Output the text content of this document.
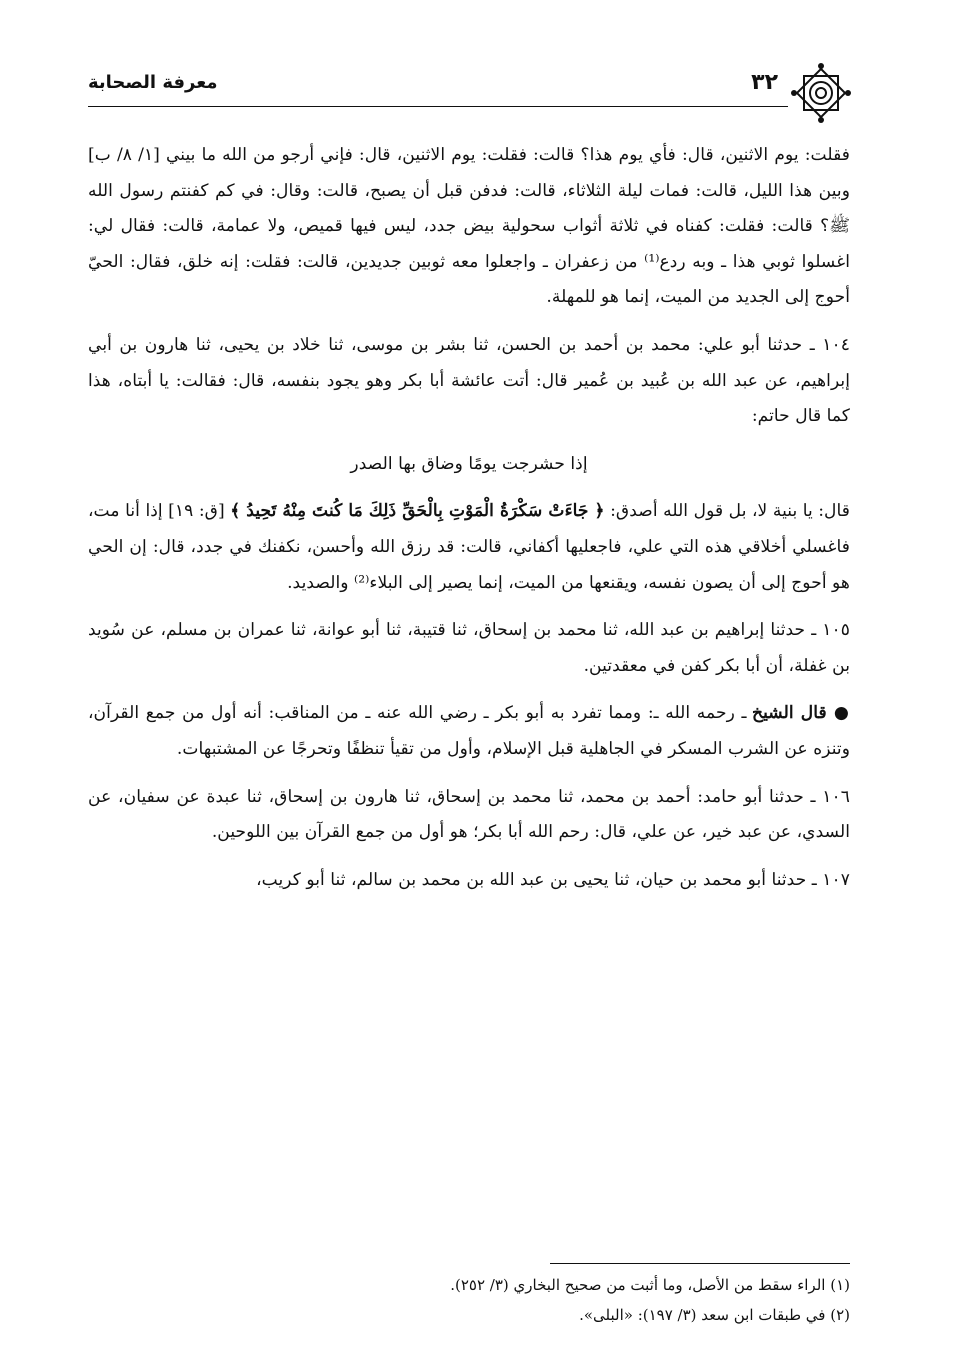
٣٢
معرفة الصحابة

فقلت: يوم الاثنين، قال: فأي يوم هذا؟ قالت: فقلت: يوم الاثنين، قال: فإني أرجو من الله ما بيني [١/ ٨/ ب] وبين هذا الليل، قالت: فمات ليلة الثلاثاء، قالت: فدفن قبل أن يصبح، قالت: وقال: في كم كفنتم رسول الله ﷺ؟ قالت: فقلت: كفناه في ثلاثة أثواب سحولية بيض جدد، ليس فيها قميص، ولا عمامة، قالت: فقال لي: اغسلوا ثوبي هذا ـ وبه ردع⁽¹⁾ من زعفران ـ واجعلوا معه ثوبين جديدين، قالت: فقلت: إنه خلق، فقال: الحيّ أحوج إلى الجديد من الميت، إنما هو للمهلة.

١٠٤ ـ حدثنا أبو علي: محمد بن أحمد بن الحسن، ثنا بشر بن موسى، ثنا خلاد بن يحيى، ثنا هارون بن أبي إبراهيم، عن عبد الله بن عُبيد بن عُمير قال: أتت عائشة أبا بكر وهو يجود بنفسه، قال: فقالت: يا أبتاه، هذا كما قال حاتم:

إذا حشرجت يومًا وضاق بها الصدر

قال: يا بنية لا، بل قول الله أصدق: ﴿ جَاءَتْ سَكْرَةُ الْمَوْتِ بِالْحَقِّ ذَلِكَ مَا كُنتَ مِنْهُ تَحِيدُ ﴾ [ق: ١٩] إذا أنا مت، فاغسلي أخلاقي هذه التي علي، فاجعليها أكفاني، قالت: قد رزق الله وأحسن، نكفنك في جدد، قال: إن الحي هو أحوج إلى أن يصون نفسه، ويقنعها من الميت، إنما يصير إلى البلاء⁽²⁾ والصديد.

١٠٥ ـ حدثنا إبراهيم بن عبد الله، ثنا محمد بن إسحاق، ثنا قتيبة، ثنا أبو عوانة، ثنا عمران بن مسلم، عن سُويد بن غفلة، أن أبا بكر كفن في معقدتين.

● قال الشيخ ـ رحمه الله ـ: ومما تفرد به أبو بكر ـ رضي الله عنه ـ من المناقب: أنه أول من جمع القرآن، وتنزه عن الشرب المسكر في الجاهلية قبل الإسلام، وأول من تقيأ تنظفًا وتحرجًا عن المشتبهات.

١٠٦ ـ حدثنا أبو حامد: أحمد بن محمد، ثنا محمد بن إسحاق، ثنا هارون بن إسحاق، ثنا عبدة عن سفيان، عن السدي، عن عبد خير، عن علي، قال: رحم الله أبا بكر؛ هو أول من جمع القرآن بين اللوحين.

١٠٧ ـ حدثنا أبو محمد بن حيان، ثنا يحيى بن عبد الله بن محمد بن سالم، ثنا أبو كريب،

(١) الراء سقط من الأصل، وما أثبت من صحيح البخاري (٣/ ٢٥٢).

(٢) في طبقات ابن سعد (٣/ ١٩٧): «البلى».
